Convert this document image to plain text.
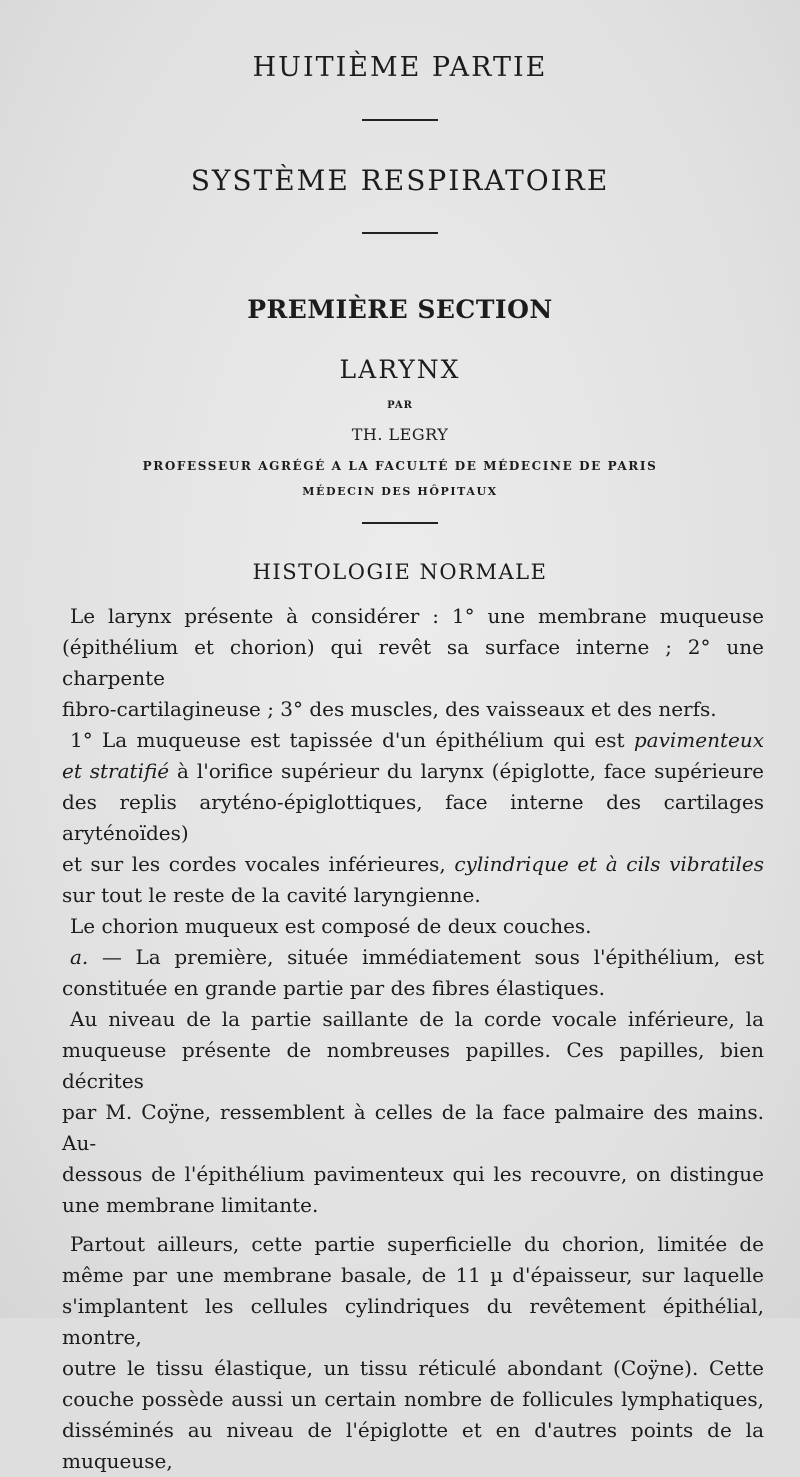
HUITIÈME PARTIE
SYSTÈME RESPIRATOIRE
PREMIÈRE SECTION
LARYNX
PAR
TH. LEGRY
PROFESSEUR AGRÉGÉ A LA FACULTÉ DE MÉDECINE DE PARIS
MÉDECIN DES HÔPITAUX
HISTOLOGIE NORMALE

Le larynx présente à considérer : 1° une membrane muqueuse

(épithélium et chorion) qui revêt sa surface interne ; 2° une charpente

fibro-cartilagineuse ; 3° des muscles, des vaisseaux et des nerfs.

1° La muqueuse est tapissée d'un épithélium qui est pavimenteux

et stratifié à l'orifice supérieur du larynx (épiglotte, face supérieure

des replis aryténo-épiglottiques, face interne des cartilages aryténoïdes)

et sur les cordes vocales inférieures, cylindrique et à cils vibratiles

sur tout le reste de la cavité laryngienne.

Le chorion muqueux est composé de deux couches.

a. — La première, située immédiatement sous l'épithélium, est

constituée en grande partie par des fibres élastiques.

Au niveau de la partie saillante de la corde vocale inférieure, la

muqueuse présente de nombreuses papilles. Ces papilles, bien décrites

par M. Coÿne, ressemblent à celles de la face palmaire des mains. Au-

dessous de l'épithélium pavimenteux qui les recouvre, on distingue

une membrane limitante.

Partout ailleurs, cette partie superficielle du chorion, limitée de

même par une membrane basale, de 11 µ d'épaisseur, sur laquelle

s'implantent les cellules cylindriques du revêtement épithélial, montre,

outre le tissu élastique, un tissu réticulé abondant (Coÿne). Cette

couche possède aussi un certain nombre de follicules lymphatiques,

disséminés au niveau de l'épiglotte et en d'autres points de la muqueuse,
